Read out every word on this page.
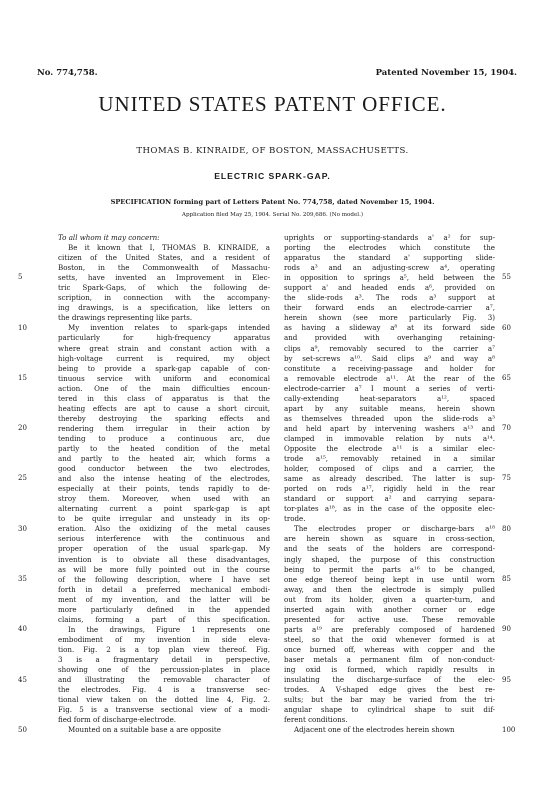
No. 774,758.	Patented November 15, 1904.
UNITED STATES PATENT OFFICE.
THOMAS B. KINRAIDE, OF BOSTON, MASSACHUSETTS.
ELECTRIC SPARK-GAP.
SPECIFICATION forming part of Letters Patent No. 774,758, dated November 15, 1904.
Application filed May 25, 1904. Serial No. 209,686. (No model.)
To all whom it may concern:
Be it known that I, THOMAS B. KINRAIDE, a
citizen of the United States, and a resident of
Boston, in the Commonwealth of Massachu-
setts, have invented an Improvement in Elec-
tric Spark-Gaps, of which the following de-
scription, in connection with the accompany-
ing drawings, is a specification, like letters on
the drawings representing like parts.
My invention relates to spark-gaps intended
particularly for high-frequency apparatus
where great strain and constant action with a
high-voltage current is required, my object
being to provide a spark-gap capable of con-
tinuous service with uniform and economical
action. One of the main difficulties encoun-
tered in this class of apparatus is that the
heating effects are apt to cause a short circuit,
thereby destroying the sparking effects and
rendering them irregular in their action by
tending to produce a continuous arc, due
partly to the heated condition of the metal
and partly to the heated air, which forms a
good conductor between the two electrodes,
and also the intense heating of the electrodes,
especially at their points, tends rapidly to de-
stroy them. Moreover, when used with an
alternating current a point spark-gap is apt
to be quite irregular and unsteady in its op-
eration. Also the oxidizing of the metal causes
serious interference with the continuous and
proper operation of the usual spark-gap. My
invention is to obviate all these disadvantages,
as will be more fully pointed out in the course
of the following description, where I have set
forth in detail a preferred mechanical embodi-
ment of my invention, and the latter will be
more particularly defined in the appended
claims, forming a part of this specification.
In the drawings, Figure 1 represents one
embodiment of my invention in side eleva-
tion. Fig. 2 is a top plan view thereof. Fig.
3 is a fragmentary detail in perspective,
showing one of the percussion-plates in place
and illustrating the removable character of
the electrodes. Fig. 4 is a transverse sec-
tional view taken on the dotted line 4, Fig. 2.
Fig. 5 is a transverse sectional view of a modi-
fied form of discharge-electrode.
Mounted on a suitable base a are opposite
uprights or supporting-standards a' a² for sup-
porting the electrodes which constitute the
apparatus the standard a' supporting slide-
rods a³ and an adjusting-screw a⁴, operating
in opposition to springs a⁵, held between the
support a' and headed ends a⁶, provided on
the slide-rods a³. The rods a³ support at
their forward ends an electrode-carrier a⁷,
herein shown (see more particularly Fig. 3)
as having a slideway a⁸ at its forward side
and provided with overhanging retaining-
clips a⁹, removably secured to the carrier a⁷
by set-screws a¹⁰. Said clips a⁹ and way a⁸
constitute a receiving-passage and holder for
a removable electrode a¹¹. At the rear of the
electrode-carrier a⁷ I mount a series of verti-
cally-extending heat-separators a¹², spaced
apart by any suitable means, herein shown
as themselves threaded upon the slide-rods a³
and held apart by intervening washers a¹³ and
clamped in immovable relation by nuts a¹⁴.
Opposite the electrode a¹¹ is a similar elec-
trode a¹⁵, removably retained in a similar
holder, composed of clips and a carrier, the
same as already described. The latter is sup-
ported on rods a¹⁷, rigidly held in the rear
standard or support a² and carrying separa-
tor-plates a¹⁸, as in the case of the opposite elec-
trode.
The electrodes proper or discharge-bars a¹⁸
are herein shown as square in cross-section,
and the seats of the holders are correspond-
ingly shaped, the purpose of this construction
being to permit the parts a¹⁶ to be changed,
one edge thereof being kept in use until worn
away, and then the electrode is simply pulled
out from its holder, given a quarter-turn, and
inserted again with another corner or edge
presented for active use. These removable
parts a¹⁹ are preferably composed of hardened
steel, so that the oxid whenever formed is at
once burned off, whereas with copper and the
baser metals a permanent film of non-conduct-
ing oxid is formed, which rapidly results in
insulating the discharge-surface of the elec-
trodes. A V-shaped edge gives the best re-
sults; but the bar may be varied from the tri-
angular shape to cylindrical shape to suit dif-
ferent conditions.
Adjacent one of the electrodes herein shown
5
10
15
20
25
30
35
40
45
50
55
60
65
70
75
80
85
90
95
100
